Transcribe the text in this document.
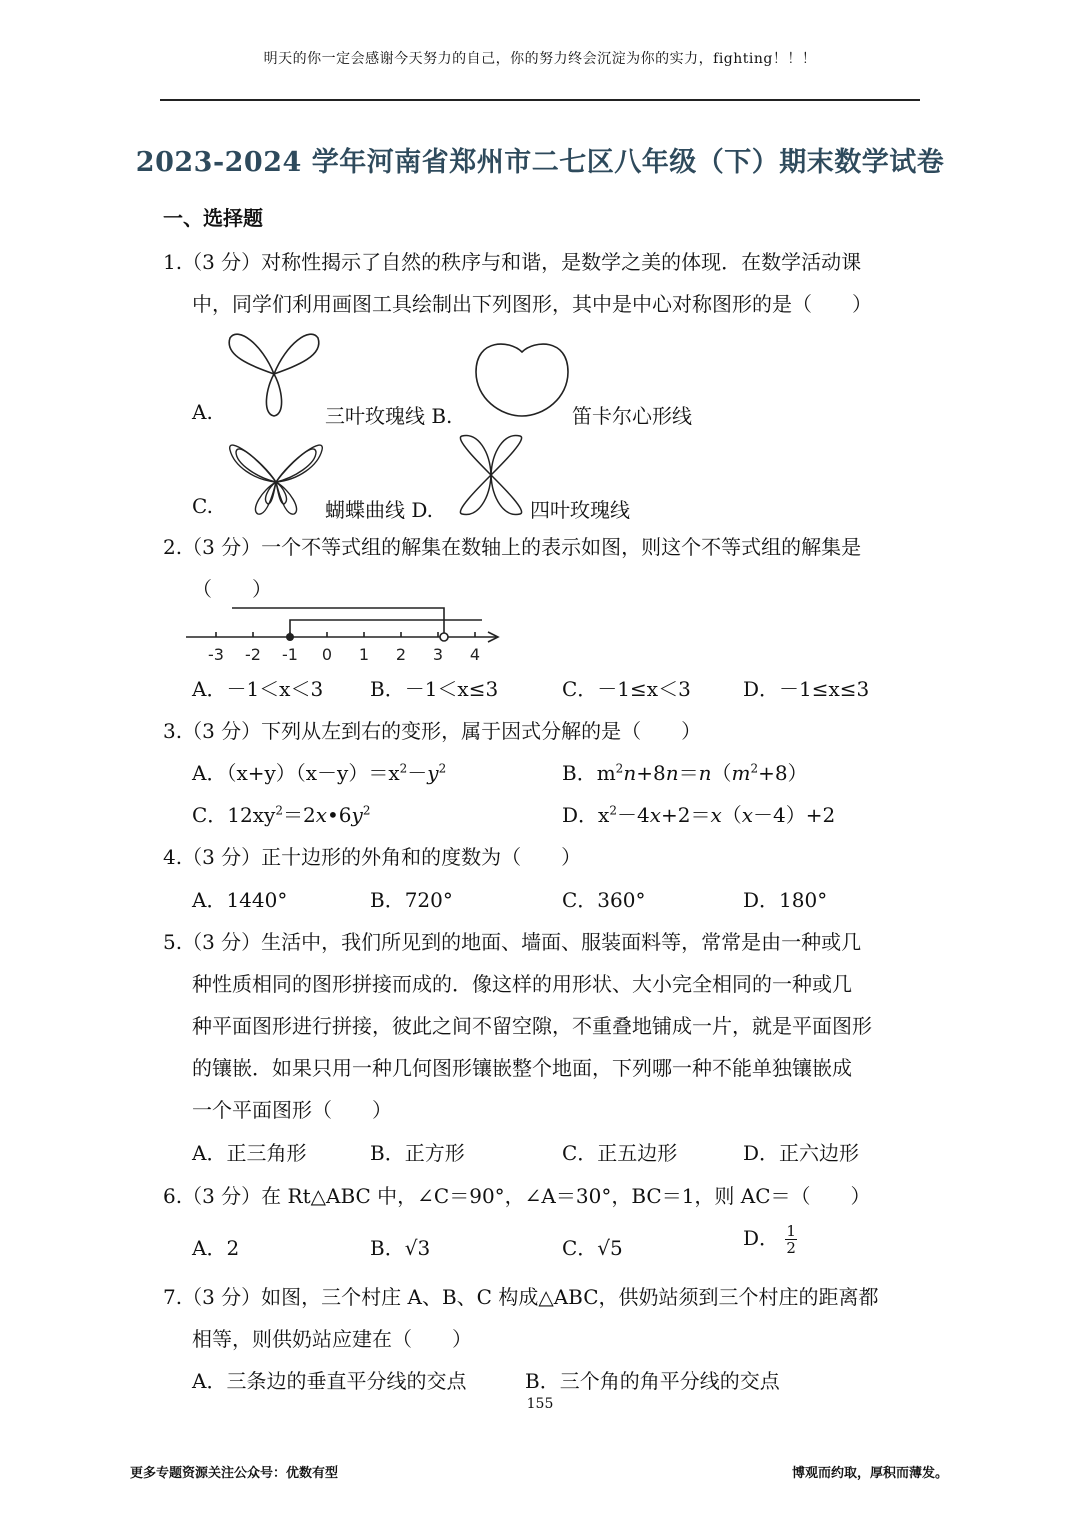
明天的你一定会感谢今天努力的自己，你的努力终会沉淀为你的实力，fighting！！！
2023-2024 学年河南省郑州市二七区八年级（下）期末数学试卷
一、选择题
1.（3 分）对称性揭示了自然的秩序与和谐，是数学之美的体现．在数学活动课
中，同学们利用画图工具绘制出下列图形，其中是中心对称图形的是（　　）
A.	三叶玫瑰线 B.	笛卡尔心形线
C.	蝴蝶曲线 D.	四叶玫瑰线
2.（3 分）一个不等式组的解集在数轴上的表示如图，则这个不等式组的解集是
（　　）
-3 -2 -1 0 1 2 3 4
A．－1＜x＜3 B．－1＜x≤3	C．－1≤x＜3	D．－1≤x≤3
3.（3 分）下列从左到右的变形，属于因式分解的是（　　）
A．$(x+y)(x-y)=x^2-y^2$	B．$m^2n+8n=n(m^2+8)$
C．$12xy^2=2x•6y^2$	D．$x^2-4x+2=x(x-4)+2$
4.（3 分）正十边形的外角和的度数为（　　）
A．1440°	B．720°	C．360°	D．180°
5.（3 分）生活中，我们所见到的地面、墙面、服装面料等，常常是由一种或几
种性质相同的图形拼接而成的．像这样的用形状、大小完全相同的一种或几
种平面图形进行拼接，彼此之间不留空隙，不重叠地铺成一片，就是平面图形
的镶嵌．如果只用一种几何图形镶嵌整个地面，下列哪一种不能单独镶嵌成
一个平面图形（　　）
A．正三角形	B．正方形	C．正五边形	D．正六边形
6.（3 分）在 Rt△ABC 中，∠C＝90°，∠A＝30°，BC＝1，则 AC＝（　　）
A．2	B．√3	C．√5	D． $\frac{1}{2}$
7.（3 分）如图，三个村庄 A、B、C 构成△ABC，供奶站须到三个村庄的距离都
相等，则供奶站应建在（　　）
A．三条边的垂直平分线的交点	B．三个角的角平分线的交点
155
更多专题资源关注公众号：优数有型	博观而约取，厚积而薄发。
